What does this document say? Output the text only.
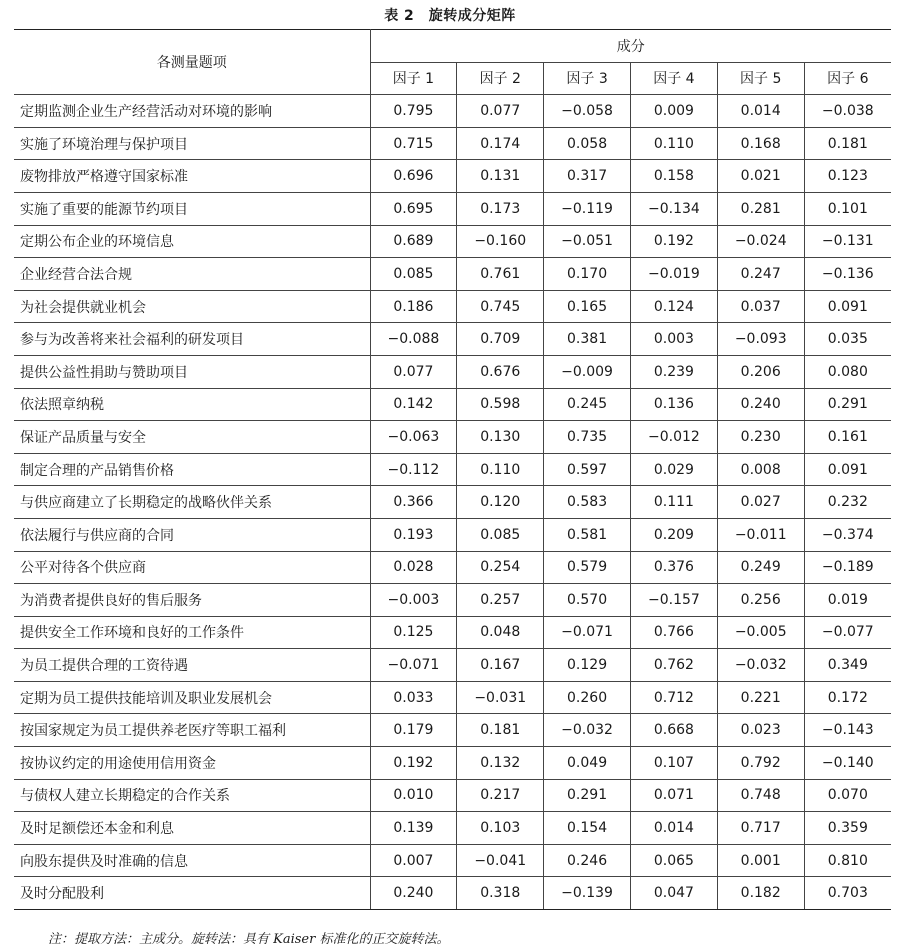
表 2　旋转成分矩阵
各测量题项	成分					
	因子 1	因子 2	因子 3	因子 4	因子 5	因子 6
定期监测企业生产经营活动对环境的影响	0.795	0.077	−0.058	0.009	0.014	−0.038
实施了环境治理与保护项目	0.715	0.174	0.058	0.110	0.168	0.181
废物排放严格遵守国家标准	0.696	0.131	0.317	0.158	0.021	0.123
实施了重要的能源节约项目	0.695	0.173	−0.119	−0.134	0.281	0.101
定期公布企业的环境信息	0.689	−0.160	−0.051	0.192	−0.024	−0.131
企业经营合法合规	0.085	0.761	0.170	−0.019	0.247	−0.136
为社会提供就业机会	0.186	0.745	0.165	0.124	0.037	0.091
参与为改善将来社会福利的研发项目	−0.088	0.709	0.381	0.003	−0.093	0.035
提供公益性捐助与赞助项目	0.077	0.676	−0.009	0.239	0.206	0.080
依法照章纳税	0.142	0.598	0.245	0.136	0.240	0.291
保证产品质量与安全	−0.063	0.130	0.735	−0.012	0.230	0.161
制定合理的产品销售价格	−0.112	0.110	0.597	0.029	0.008	0.091
与供应商建立了长期稳定的战略伙伴关系	0.366	0.120	0.583	0.111	0.027	0.232
依法履行与供应商的合同	0.193	0.085	0.581	0.209	−0.011	−0.374
公平对待各个供应商	0.028	0.254	0.579	0.376	0.249	−0.189
为消费者提供良好的售后服务	−0.003	0.257	0.570	−0.157	0.256	0.019
提供安全工作环境和良好的工作条件	0.125	0.048	−0.071	0.766	−0.005	−0.077
为员工提供合理的工资待遇	−0.071	0.167	0.129	0.762	−0.032	0.349
定期为员工提供技能培训及职业发展机会	0.033	−0.031	0.260	0.712	0.221	0.172
按国家规定为员工提供养老医疗等职工福利	0.179	0.181	−0.032	0.668	0.023	−0.143
按协议约定的用途使用信用资金	0.192	0.132	0.049	0.107	0.792	−0.140
与债权人建立长期稳定的合作关系	0.010	0.217	0.291	0.071	0.748	0.070
及时足额偿还本金和利息	0.139	0.103	0.154	0.014	0.717	0.359
向股东提供及时准确的信息	0.007	−0.041	0.246	0.065	0.001	0.810
及时分配股利	0.240	0.318	−0.139	0.047	0.182	0.703
注：提取方法：主成分。旋转法：具有 Kaiser 标准化的正交旋转法。
